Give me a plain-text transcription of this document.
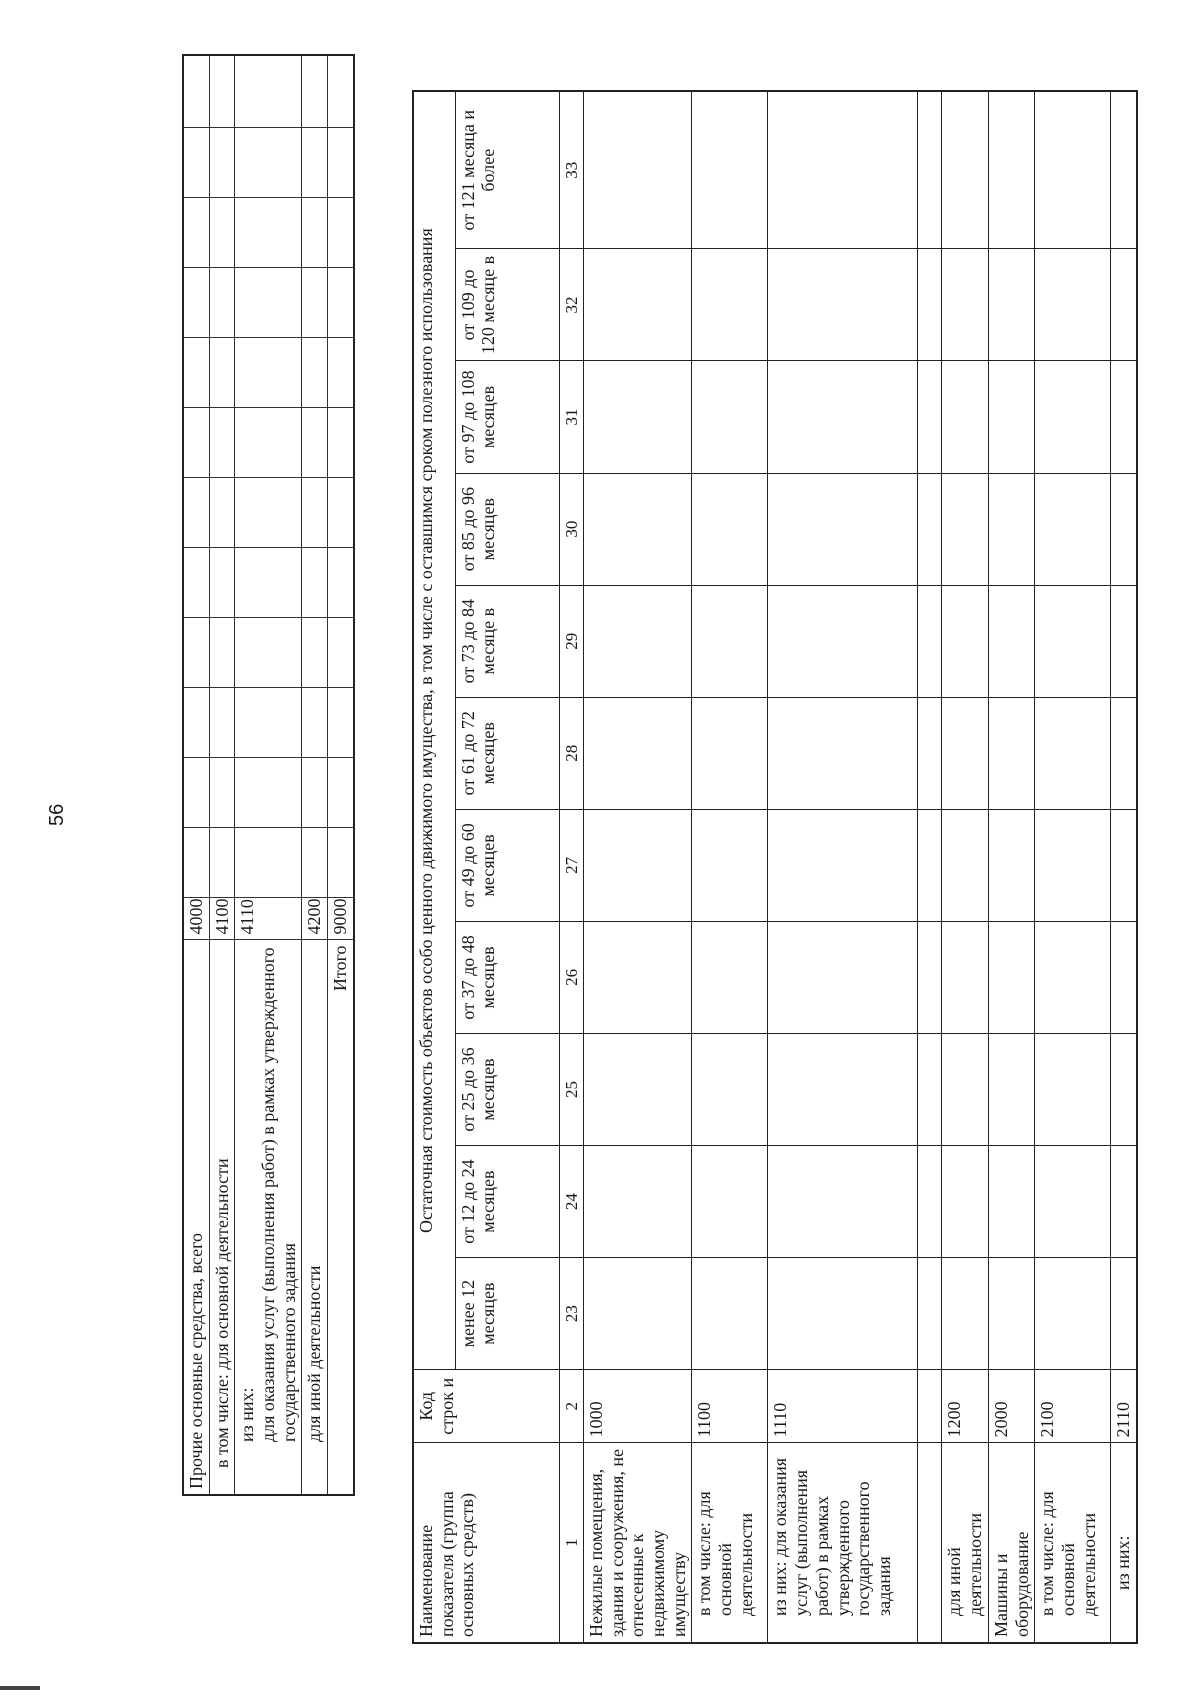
56
Прочие основные средства, всего	4000												
в том числе: для основной деятельности	4100												

из них: для оказания услуг (выполнения работ) в рамках утвержденного государственного задания	4110												
для иной деятельности	4200												
Итого	9000												
Наименование показателя (группа основных средств)	Код строк и	Остаточная стоимость объектов особо ценного движимого имущества, в том числе с оставшимся сроком полезного использования										
		менее 12 месяцев	от 12 до 24 месяцев	от 25 до 36 месяцев	от 37 до 48 месяцев	от 49 до 60 месяцев	от 61 до 72 месяцев	от 73 до 84 месяце в	от 85 до 96 месяцев	от 97 до 108 месяцев	от 109 до 120 месяце в	от 121 месяца и более
1	2	23	24	25	26	27	28	29	30	31	32	33
Нежилые помещения, здания и сооружения, не отнесенные к недвижимому имуществу	1000											
в том числе: для основной деятельности	1100											
из них: для оказания услуг (выполнения работ) в рамках утвержденного государственного задания	1110											

для иной деятельности	1200											
Машины и оборудование	2000											
в том числе: для основной деятельности	2100											
из них:	2110											
